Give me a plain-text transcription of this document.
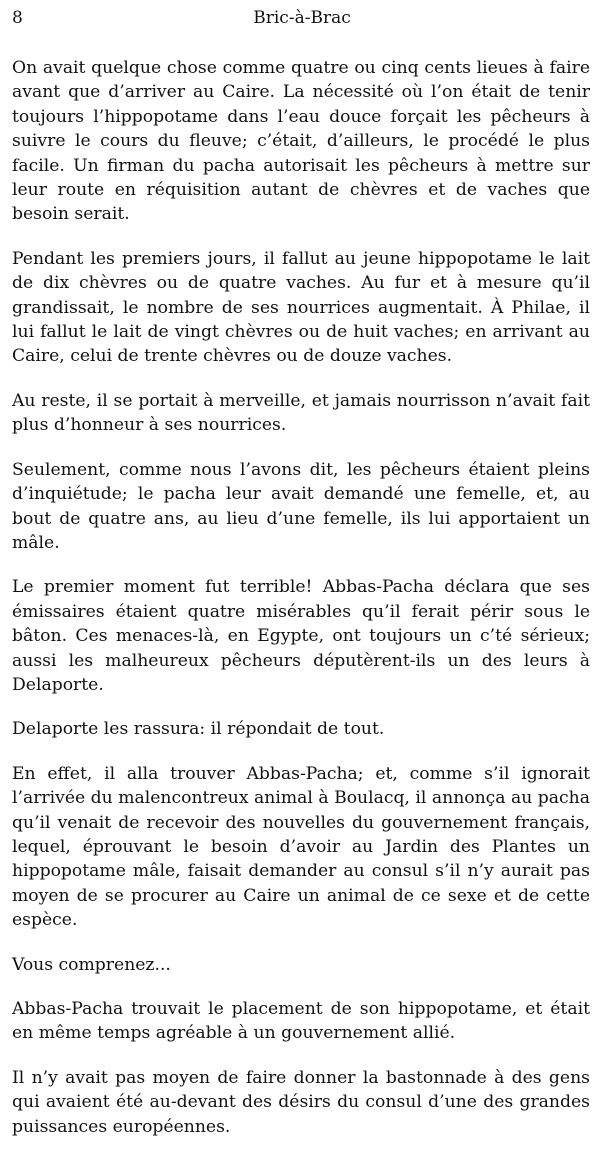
8	Bric-à-Brac

On avait quelque chose comme quatre ou cinq cents lieues à faire avant que d’arriver au Caire. La nécessité où l’on était de tenir toujours l’hippopotame dans l’eau douce forçait les pêcheurs à suivre le cours du fleuve; c’était, d’ailleurs, le procédé le plus facile. Un firman du pacha autorisait les pêcheurs à mettre sur leur route en réquisition autant de chèvres et de vaches que besoin serait.

Pendant les premiers jours, il fallut au jeune hippopotame le lait de dix chèvres ou de quatre vaches. Au fur et à mesure qu’il grandissait, le nombre de ses nourrices augmentait. À Philae, il lui fallut le lait de vingt chèvres ou de huit vaches; en arrivant au Caire, celui de trente chèvres ou de douze vaches.

Au reste, il se portait à merveille, et jamais nourrisson n’avait fait plus d’honneur à ses nourrices.

Seulement, comme nous l’avons dit, les pêcheurs étaient pleins d’inquiétude; le pacha leur avait demandé une femelle, et, au bout de quatre ans, au lieu d’une femelle, ils lui apportaient un mâle.

Le premier moment fut terrible! Abbas-Pacha déclara que ses émissaires étaient quatre misérables qu’il ferait périr sous le bâton. Ces menaces-là, en Egypte, ont toujours un c’té sérieux; aussi les malheureux pêcheurs députèrent-ils un des leurs à Delaporte.

Delaporte les rassura: il répondait de tout.

En effet, il alla trouver Abbas-Pacha; et, comme s’il ignorait l’arrivée du malencontreux animal à Boulacq, il annonça au pacha qu’il venait de recevoir des nouvelles du gouvernement français, lequel, éprouvant le besoin d’avoir au Jardin des Plantes un hippopotame mâle, faisait demander au consul s’il n’y aurait pas moyen de se procurer au Caire un animal de ce sexe et de cette espèce.

Vous comprenez...

Abbas-Pacha trouvait le placement de son hippopotame, et était en même temps agréable à un gouvernement allié.

Il n’y avait pas moyen de faire donner la bastonnade à des gens qui avaient été au-devant des désirs du consul d’une des grandes puissances européennes.
